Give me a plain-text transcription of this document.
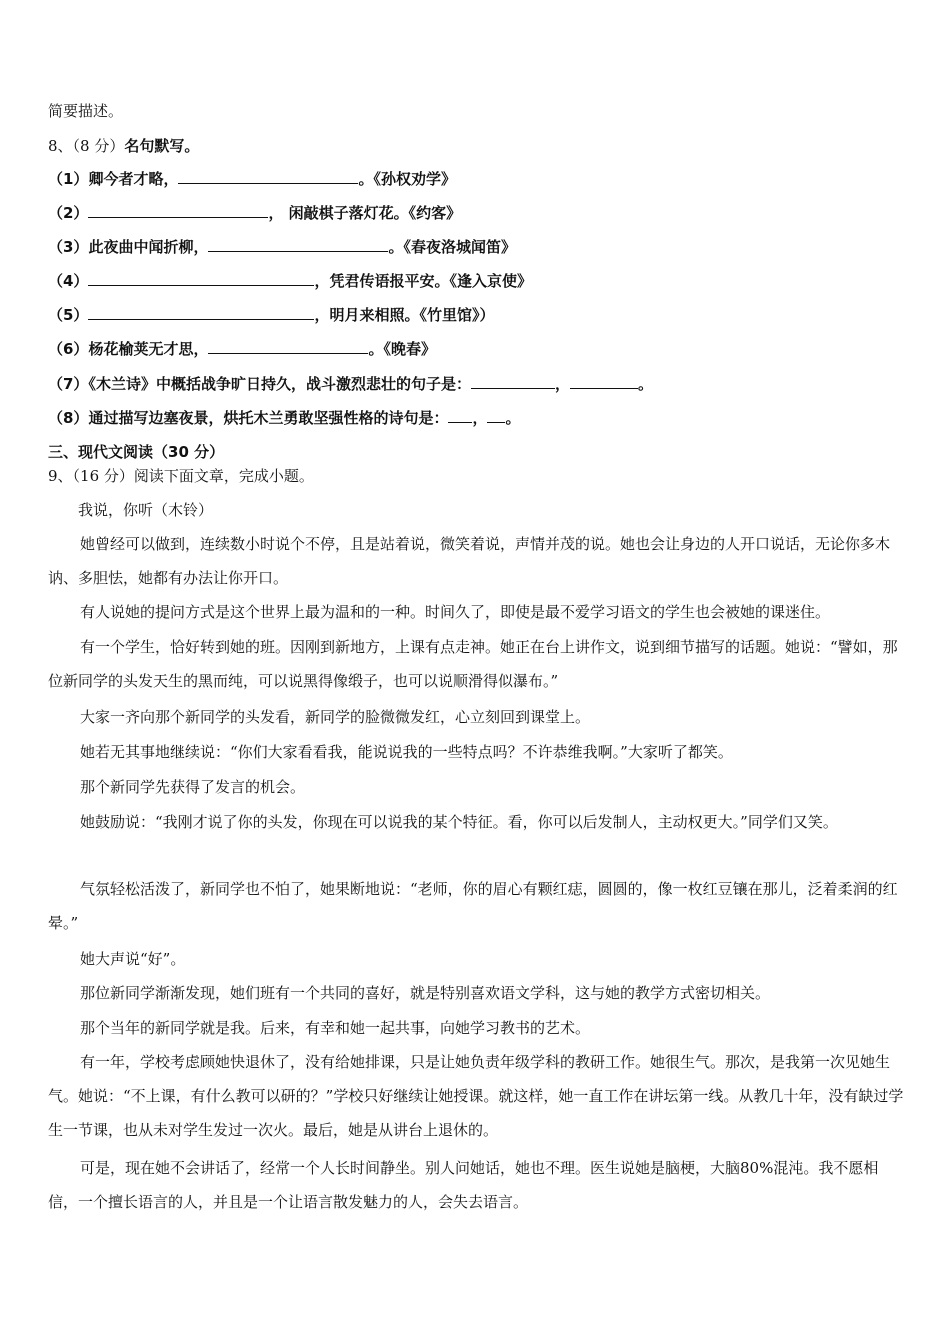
简要描述。
8、（8 分）名句默写。
（1）卿今者才略，	。《孙权劝学》
（2）	， 闲敲棋子落灯花。《约客》
（3）此夜曲中闻折柳，	。《春夜洛城闻笛》
（4）	，凭君传语报平安。《逢入京使》
（5）	，明月来相照。《竹里馆》）
（6）杨花榆荚无才思，	。《晚春》
（7）《木兰诗》中概括战争旷日持久，战斗激烈悲壮的句子是：	，	。
（8）通过描写边塞夜景，烘托木兰勇敢坚强性格的诗句是： ， 。
三、现代文阅读（30 分）
9、（16 分）阅读下面文章，完成小题。
我说，你听（木铃）
她曾经可以做到，连续数小时说个不停，且是站着说，微笑着说，声情并茂的说。她也会让身边的人开口说话，无论你多木讷、多胆怯，她都有办法让你开口。
有人说她的提问方式是这个世界上最为温和的一种。时间久了，即使是最不爱学习语文的学生也会被她的课迷住。
有一个学生，恰好转到她的班。因刚到新地方，上课有点走神。她正在台上讲作文，说到细节描写的话题。她说：“譬如，那位新同学的头发天生的黑而纯，可以说黑得像缎子，也可以说顺滑得似瀑布。”
大家一齐向那个新同学的头发看，新同学的脸微微发红，心立刻回到课堂上。
她若无其事地继续说：“你们大家看看我，能说说我的一些特点吗？不许恭维我啊。”大家听了都笑。
那个新同学先获得了发言的机会。
她鼓励说：“我刚才说了你的头发，你现在可以说我的某个特征。看，你可以后发制人，主动权更大。”同学们又笑。
气氛轻松活泼了，新同学也不怕了，她果断地说：“老师，你的眉心有颗红痣，圆圆的，像一枚红豆镶在那儿，泛着柔润的红晕。”
她大声说“好”。
那位新同学渐渐发现，她们班有一个共同的喜好，就是特别喜欢语文学科，这与她的教学方式密切相关。
那个当年的新同学就是我。后来，有幸和她一起共事，向她学习教书的艺术。
有一年，学校考虑顾她快退休了，没有给她排课，只是让她负责年级学科的教研工作。她很生气。那次，是我第一次见她生气。她说：“不上课，有什么教可以研的？”学校只好继续让她授课。就这样，她一直工作在讲坛第一线。从教几十年，没有缺过学生一节课，也从未对学生发过一次火。最后，她是从讲台上退休的。
可是，现在她不会讲话了，经常一个人长时间静坐。别人问她话，她也不理。医生说她是脑梗，大脑80%混沌。我不愿相信，一个擅长语言的人，并且是一个让语言散发魅力的人，会失去语言。
